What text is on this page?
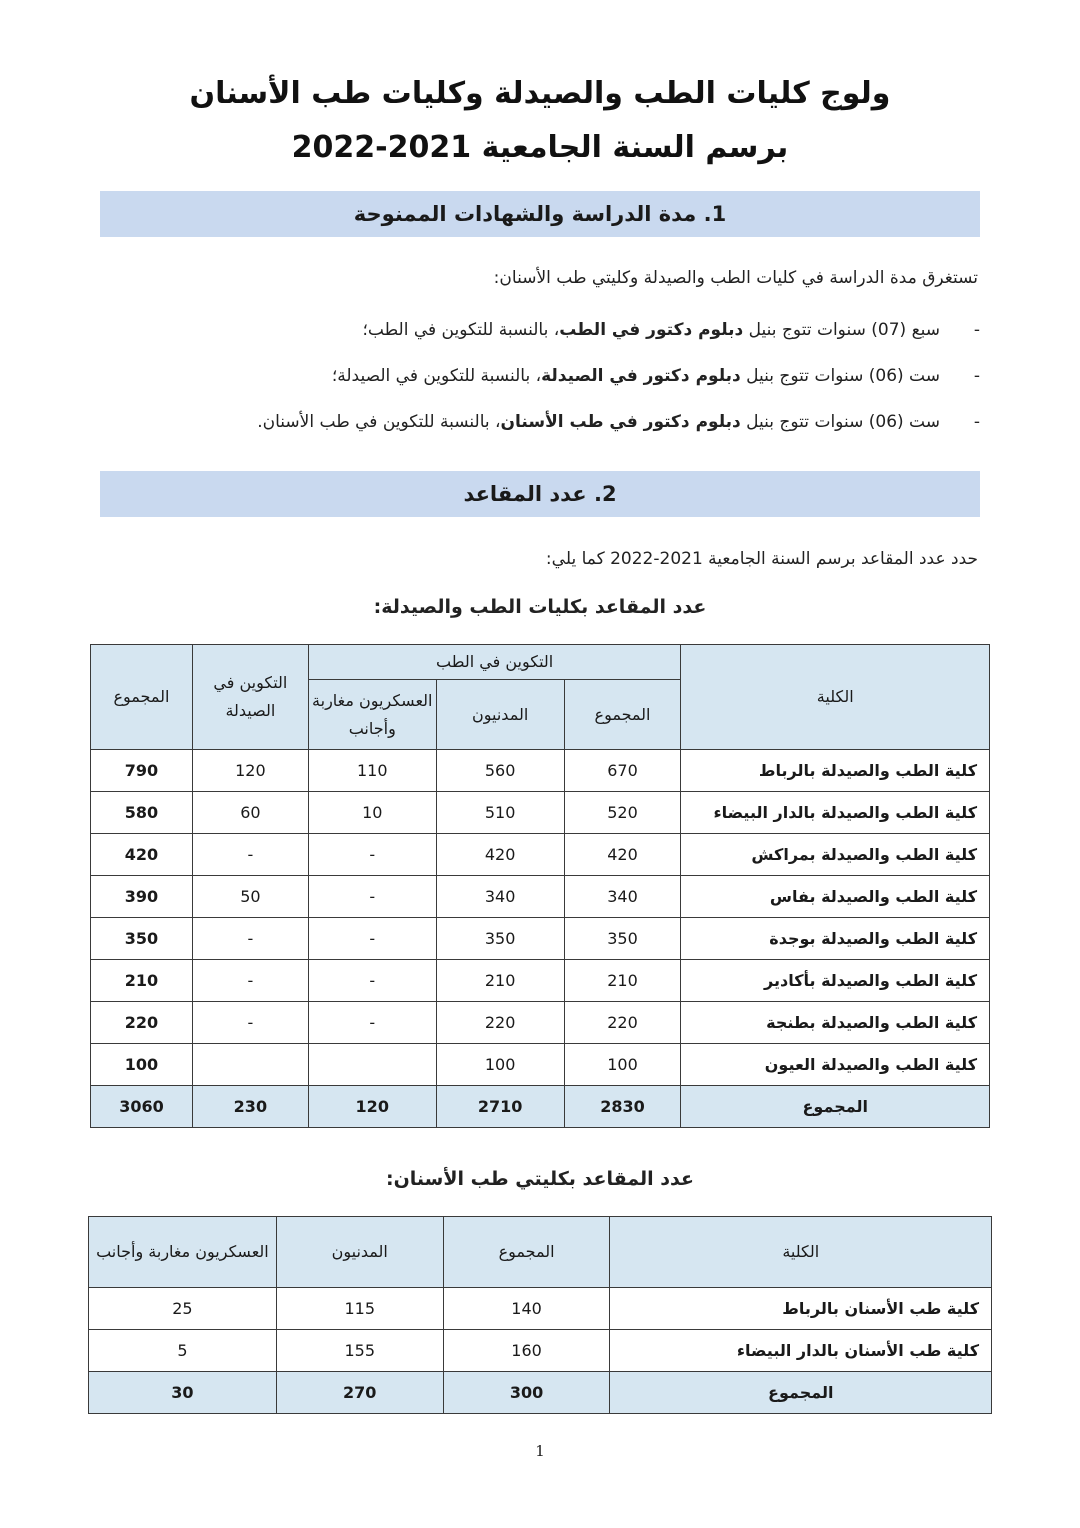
ولوج كليات الطب والصيدلة وكليات طب الأسنان
برسم السنة الجامعية 2021-2022
1. مدة الدراسة والشهادات الممنوحة
تستغرق مدة الدراسة في كليات الطب والصيدلة وكليتي طب الأسنان:
-
سبع (07) سنوات تتوج بنيل دبلوم دكتور في الطب، بالنسبة للتكوين في الطب؛
-
ست (06) سنوات تتوج بنيل دبلوم دكتور في الصيدلة، بالنسبة للتكوين في الصيدلة؛
-
ست (06) سنوات تتوج بنيل دبلوم دكتور في طب الأسنان، بالنسبة للتكوين في طب الأسنان.
2. عدد المقاعد
حدد عدد المقاعد برسم السنة الجامعية 2021-2022 كما يلي:
عدد المقاعد بكليات الطب والصيدلة:
الكلية	التكوين في الطب			التكوين في الصيدلة	المجموع
	المجموع	المدنيون	العسكريون مغاربة وأجانب		
كلية الطب والصيدلة بالرباط	670	560	110	120	790
كلية الطب والصيدلة بالدار البيضاء	520	510	10	60	580
كلية الطب والصيدلة بمراكش	420	420	-	-	420
كلية الطب والصيدلة بفاس	340	340	-	50	390
كلية الطب والصيدلة بوجدة	350	350	-	-	350
كلية الطب والصيدلة بأكادير	210	210	-	-	210
كلية الطب والصيدلة بطنجة	220	220	-	-	220
كلية الطب والصيدلة العيون	100	100			100
المجموع	2830	2710	120	230	3060
عدد المقاعد بكليتي طب الأسنان:
الكلية	المجموع	المدنيون	العسكريون مغاربة وأجانب
كلية طب الأسنان بالرباط	140	115	25
كلية طب الأسنان بالدار البيضاء	160	155	5
المجموع	300	270	30
1
